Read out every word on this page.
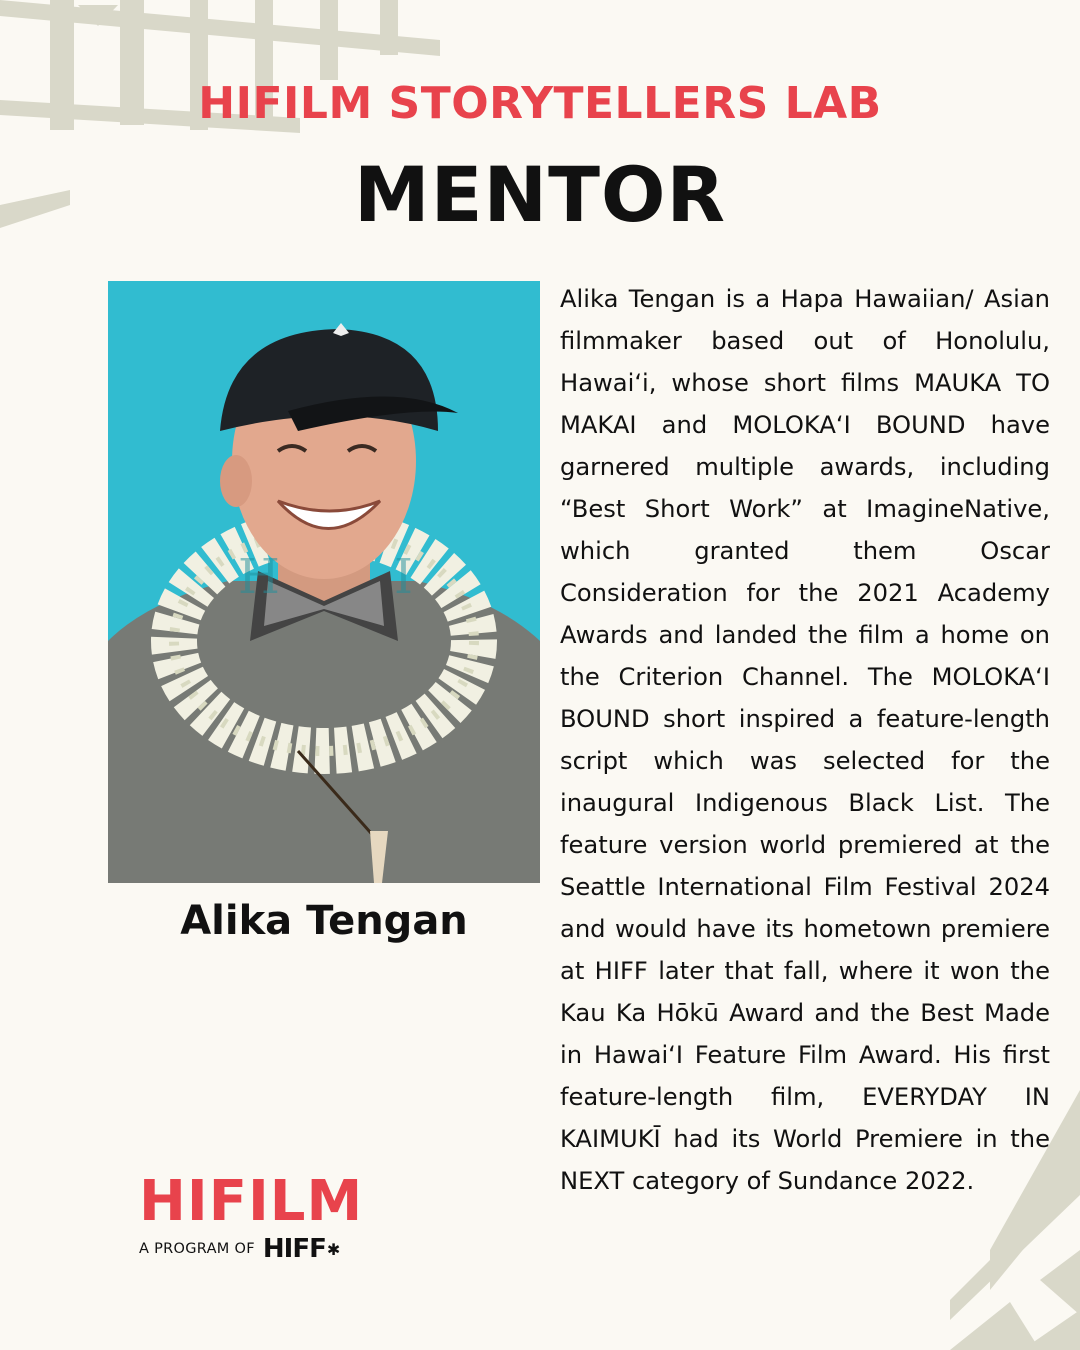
HIFILM STORYTELLERS LAB
MENTOR
H I
Alika Tengan

Alika Tengan is a Hapa Hawaiian/ Asian filmmaker based out of Honolulu, Hawai‘i, whose short films MAUKA TO MAKAI and MOLOKA‘I BOUND have garnered multiple awards, including “Best Short Work” at ImagineNative, which granted them Oscar Consideration for the 2021 Academy Awards and landed the film a home on the Criterion Channel. The MOLOKA‘I BOUND short inspired a feature-length script which was selected for the inaugural Indigenous Black List. The feature version world premiered at the Seattle International Film Festival 2024 and would have its hometown premiere at HIFF later that fall, where it won the Kau Ka Hōkū Award and the Best Made in Hawai‘I Feature Film Award. His first feature-length film, EVERYDAY IN KAIMUKĪ had its World Premiere in the NEXT category of Sundance 2022.

HIFILM
A PROGRAM OF HIFF ✱
